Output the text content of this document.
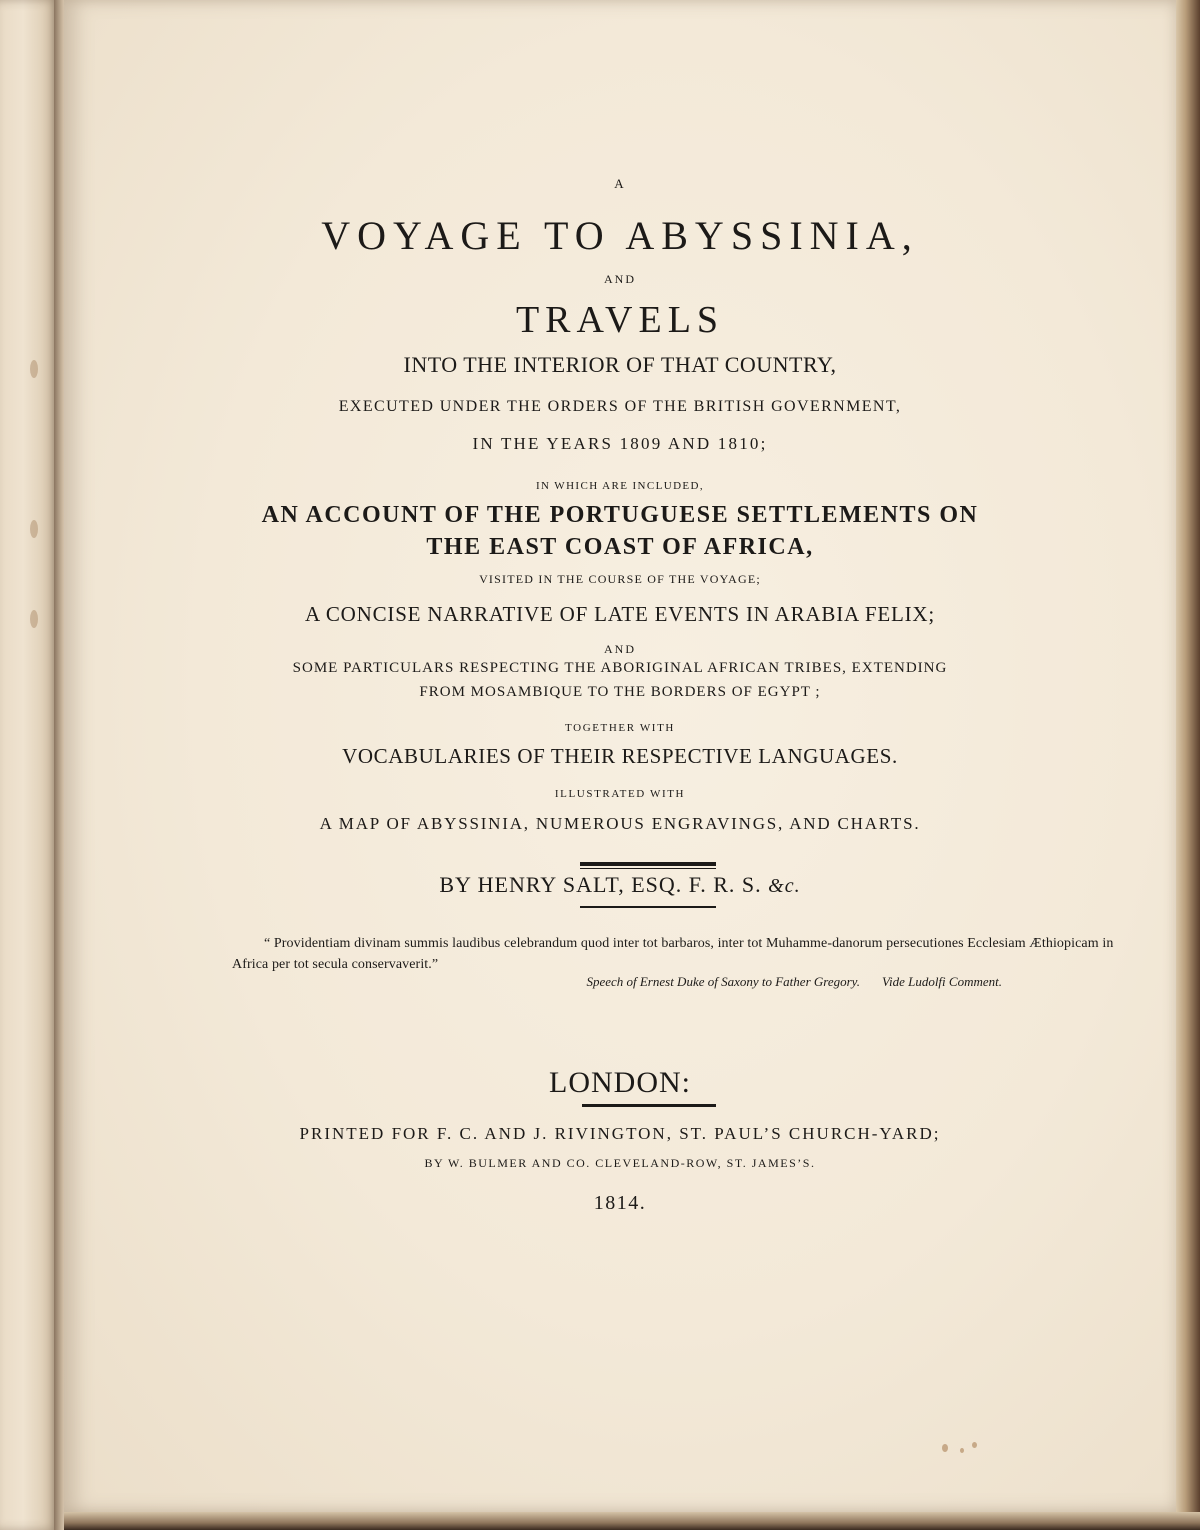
A
VOYAGE TO ABYSSINIA,
AND
TRAVELS
INTO THE INTERIOR OF THAT COUNTRY,
EXECUTED UNDER THE ORDERS OF THE BRITISH GOVERNMENT,
IN THE YEARS 1809 AND 1810;
IN WHICH ARE INCLUDED,
AN ACCOUNT OF THE PORTUGUESE SETTLEMENTS ON
THE EAST COAST OF AFRICA,
VISITED IN THE COURSE OF THE VOYAGE;
A CONCISE NARRATIVE OF LATE EVENTS IN ARABIA FELIX;
AND
SOME PARTICULARS RESPECTING THE ABORIGINAL AFRICAN TRIBES, EXTENDING
FROM MOSAMBIQUE TO THE BORDERS OF EGYPT ;
TOGETHER WITH
VOCABULARIES OF THEIR RESPECTIVE LANGUAGES.
ILLUSTRATED WITH
A MAP OF ABYSSINIA, NUMEROUS ENGRAVINGS, AND CHARTS.
BY HENRY SALT, ESQ. F. R. S. &c.
“ Providentiam divinam summis laudibus celebrandum quod inter tot barbaros, inter tot Muhamme-danorum persecutiones Ecclesiam Æthiopicam in Africa per tot secula conservaverit.”
Speech of Ernest Duke of Saxony to Father Gregory. Vide Ludolfi Comment.
LONDON:
PRINTED FOR F. C. AND J. RIVINGTON, ST. PAUL’S CHURCH-YARD;
BY W. BULMER AND CO. CLEVELAND-ROW, ST. JAMES’S.
1814.
